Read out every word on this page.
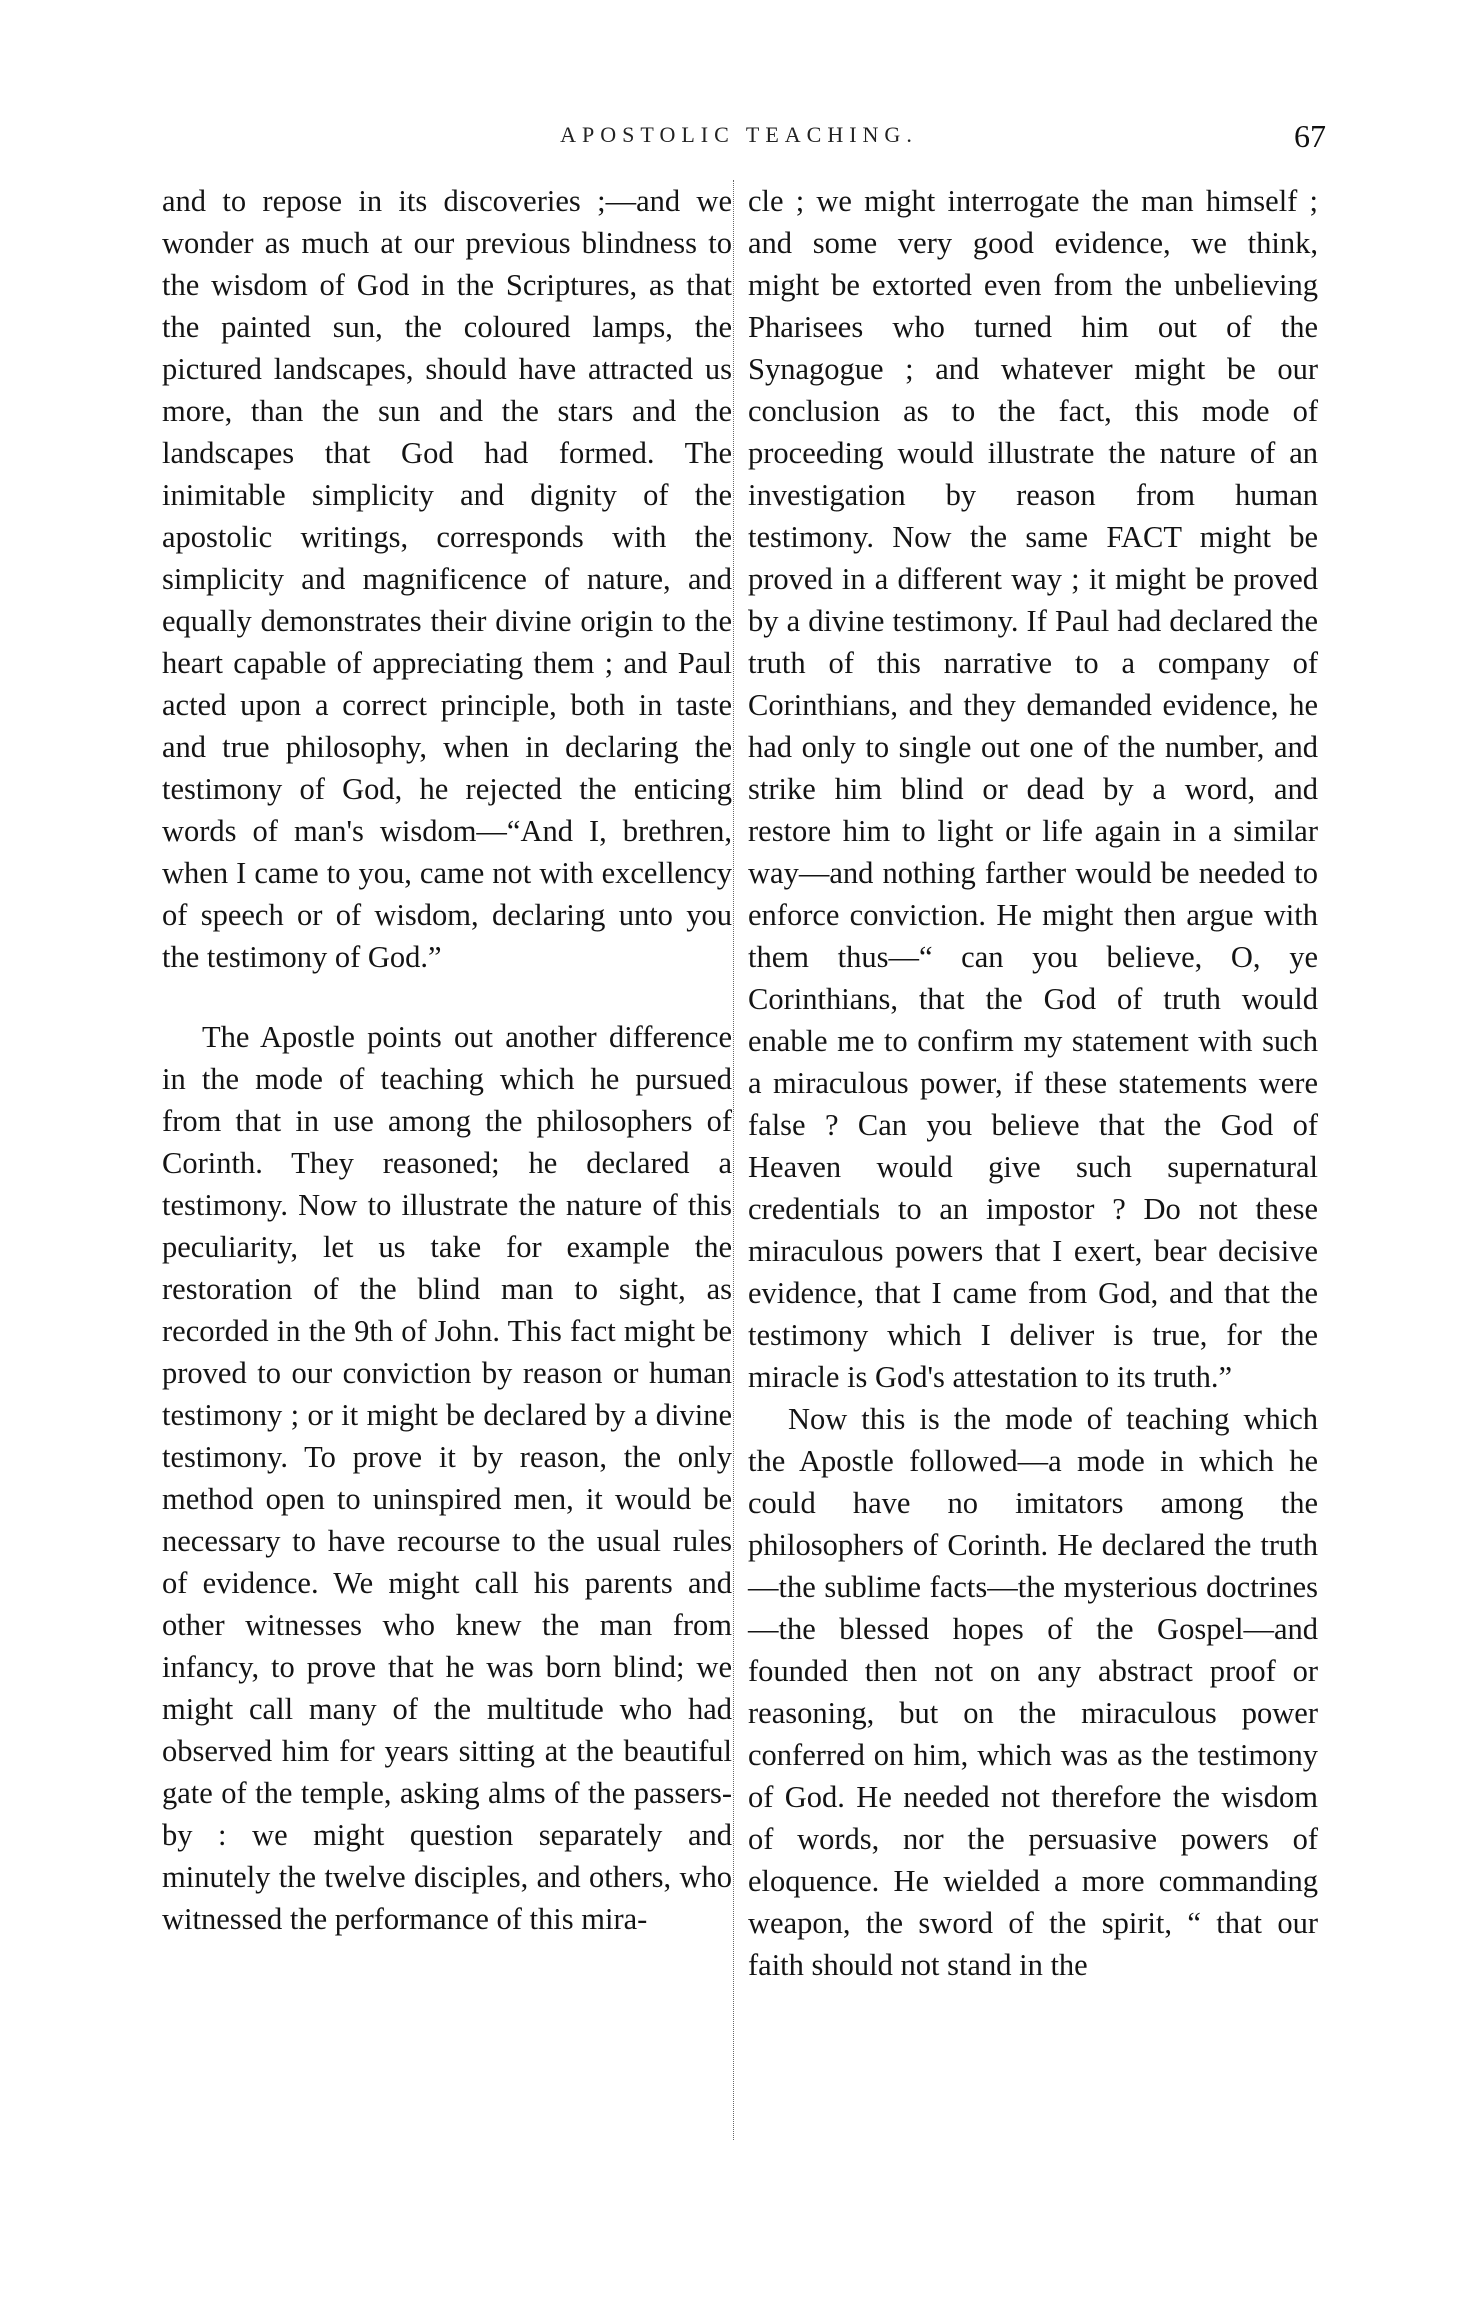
APOSTOLIC TEACHING.	67

and to repose in its discoveries ;—and we wonder as much at our previous blindness to the wisdom of God in the Scriptures, as that the painted sun, the coloured lamps, the pictured landscapes, should have attracted us more, than the sun and the stars and the landscapes that God had formed. The inimitable simplicity and dignity of the apostolic writings, corresponds with the simplicity and magnificence of nature, and equally demonstrates their divine origin to the heart capable of appreciating them ; and Paul acted upon a correct principle, both in taste and true philosophy, when in declaring the testimony of God, he rejected the enticing words of man's wisdom—“And I, brethren, when I came to you, came not with excellency of speech or of wisdom, declaring unto you the testimony of God.”

The Apostle points out another difference in the mode of teaching which he pursued from that in use among the philosophers of Corinth. They reasoned; he declared a testimony. Now to illustrate the nature of this peculiarity, let us take for example the restoration of the blind man to sight, as recorded in the 9th of John. This fact might be proved to our conviction by reason or human testimony ; or it might be declared by a divine testimony. To prove it by reason, the only method open to uninspired men, it would be necessary to have recourse to the usual rules of evidence. We might call his parents and other witnesses who knew the man from infancy, to prove that he was born blind; we might call many of the multitude who had observed him for years sitting at the beautiful gate of the temple, asking alms of the passers-by : we might question separately and minutely the twelve disciples, and others, who witnessed the performance of this mira-

cle ; we might interrogate the man himself ; and some very good evidence, we think, might be extorted even from the unbelieving Pharisees who turned him out of the Synagogue ; and whatever might be our conclusion as to the fact, this mode of proceeding would illustrate the nature of an investigation by reason from human testimony. Now the same FACT might be proved in a different way ; it might be proved by a divine testimony. If Paul had declared the truth of this narrative to a company of Corinthians, and they demanded evidence, he had only to single out one of the number, and strike him blind or dead by a word, and restore him to light or life again in a similar way—and nothing farther would be needed to enforce conviction. He might then argue with them thus—“ can you believe, O, ye Corinthians, that the God of truth would enable me to confirm my statement with such a miraculous power, if these statements were false ? Can you believe that the God of Heaven would give such supernatural credentials to an impostor ? Do not these miraculous powers that I exert, bear decisive evidence, that I came from God, and that the testimony which I deliver is true, for the miracle is God's attestation to its truth.”

Now this is the mode of teaching which the Apostle followed—a mode in which he could have no imitators among the philosophers of Corinth. He declared the truth—the sublime facts—the mysterious doctrines—the blessed hopes of the Gospel—and founded then not on any abstract proof or reasoning, but on the miraculous power conferred on him, which was as the testimony of God. He needed not therefore the wisdom of words, nor the persuasive powers of eloquence. He wielded a more commanding weapon, the sword of the spirit, “ that our faith should not stand in the
